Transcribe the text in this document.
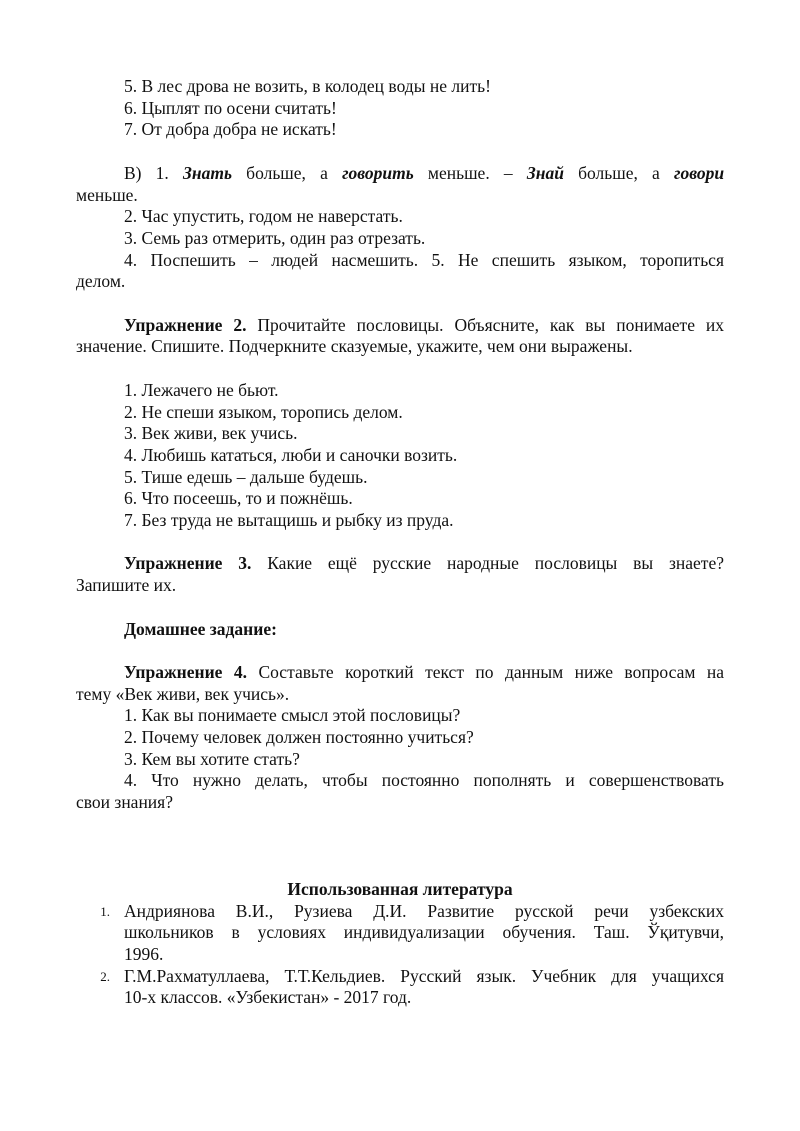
5. В лес дрова не возить, в колодец воды не лить!

6. Цыплят по осени считать!

7. От добра добра не искать!

В) 1. Знать больше, а говорить меньше. – Знай больше, а говори

меньше.

2. Час упустить, годом не наверстать.

3. Семь раз отмерить, один раз отрезать.

4. Поспешить – людей насмешить. 5. Не спешить языком, торопиться

делом.

Упражнение 2. Прочитайте пословицы. Объясните, как вы понимаете их

значение. Спишите. Подчеркните сказуемые, укажите, чем они выражены.

1. Лежачего не бьют.

2. Не спеши языком, торопись делом.

3. Век живи, век учись.

4. Любишь кататься, люби и саночки возить.

5. Тише едешь – дальше будешь.

6. Что посеешь, то и пожнёшь.

7. Без труда не вытащишь и рыбку из пруда.

Упражнение 3. Какие ещё русские народные пословицы вы знаете?

Запишите их.

Домашнее задание:

Упражнение 4. Составьте короткий текст по данным ниже вопросам на

тему «Век живи, век учись».

1. Как вы понимаете смысл этой пословицы?

2. Почему человек должен постоянно учиться?

3. Кем вы хотите стать?

4. Что нужно делать, чтобы постоянно пополнять и совершенствовать

свои знания?

Использованная литература

1. Андриянова В.И., Рузиева Д.И. Развитие русской речи узбекских

школьников в условиях индивидуализации обучения. Таш. Ўқитувчи,

1996.

2. Г.М.Рахматуллаева, Т.Т.Кельдиев. Русский язык. Учебник для учащихся

10-х классов. «Узбекистан» - 2017 год.
